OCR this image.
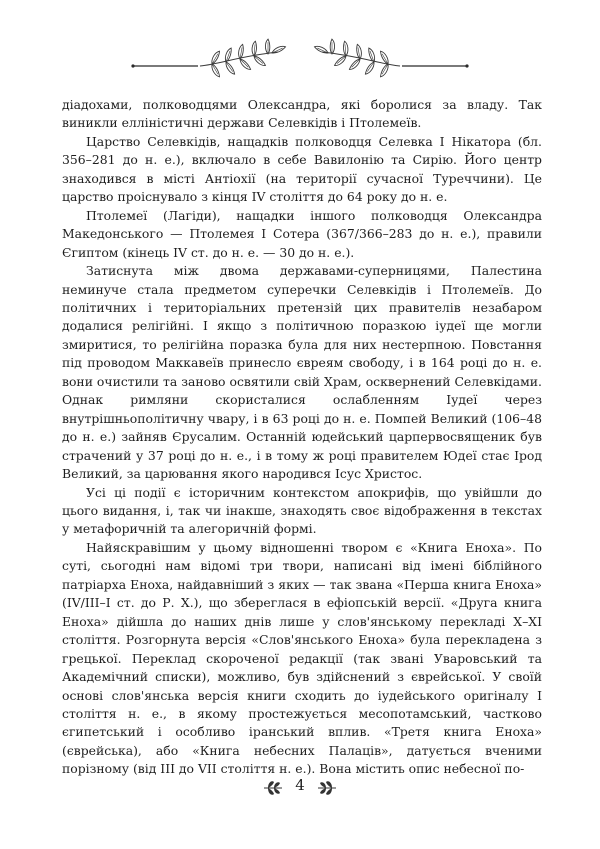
діадохами, полководцями Олександра, які боролися за владу. Так виникли еллiнiстичнi держави Селевкiдiв i Птолемеїв.

Царство Селевкiдiв, нащадкiв полководця Селевка I Нiкатора (бл. 356–281 до н. е.), включало в себе Вавилонiю та Сирiю. Його центр знаходився в мiстi Антiохiї (на територiї сучасної Туреччини). Це царство проiснувало з кiнця IV столiття до 64 року до н. е.

Птолемеї (Лагiди), нащадки iншого полководця Олександра Македонського — Птолемея I Сотера (367/366–283 до н. е.), правили Єгиптом (кiнець IV ст. до н. е. — 30 до н. е.).

Затиснута мiж двома державами-суперницями, Палестина неминуче стала предметом суперечки Селевкiдiв i Птолемеїв. До полiтичних i територiальних претензiй цих правителiв незабаром додалися релiгiйнi. I якщо з полiтичною поразкою iудеї ще могли змиритися, то релiгiйна поразка була для них нестерпною. Повстання пiд проводом Маккавеїв принесло євреям свободу, i в 164 роцi до н. е. вони очистили та заново освятили свiй Храм, осквернений Селевкiдами. Однак римляни скористалися ослабленням Iудеї через внутрiшньополiтичну чвару, i в 63 роцi до н. е. Помпей Великий (106–48 до н. е.) зайняв Єрусалим. Останнiй юдейський царпервосвященик був страчений у 37 роцi до н. е., i в тому ж роцi правителем Юдеї стає Iрод Великий, за царювання якого народився Iсус Христос.

Усi цi подiї є iсторичним контекстом апокрифiв, що увiйшли до цього видання, i, так чи iнакше, знаходять своє вiдображення в текстах у метафоричнiй та алегоричнiй формi.

Найяскравiшим у цьому вiдношеннi твором є «Книга Еноха». По сутi, сьогоднi нам вiдомi три твори, написанi вiд iменi бiблiйного патрiарха Еноха, найдавнiший з яких — так звана «Перша книга Еноха» (IV/III–I ст. до Р. Х.), що збереглася в ефiопськiй версiї. «Друга книга Еноха» дiйшла до наших днiв лише у слов'янському перекладi X–XI столiття. Розгорнута версiя «Слов'янського Еноха» була перекладена з грецької. Переклад скороченої редакцiї (так званi Уваровський та Академiчний списки), можливо, був здiйснений з єврейської. У своїй основi слов'янська версiя книги сходить до iудейського оригiналу I столiття н. е., в якому простежується месопотамський, частково єгипетський i особливо iранський вплив. «Третя книга Еноха» (єврейська), або «Книга небесних Палацiв», датується вченими порiзному (вiд III до VII столiття н. е.). Вона мiстить опис небесної по-

4
